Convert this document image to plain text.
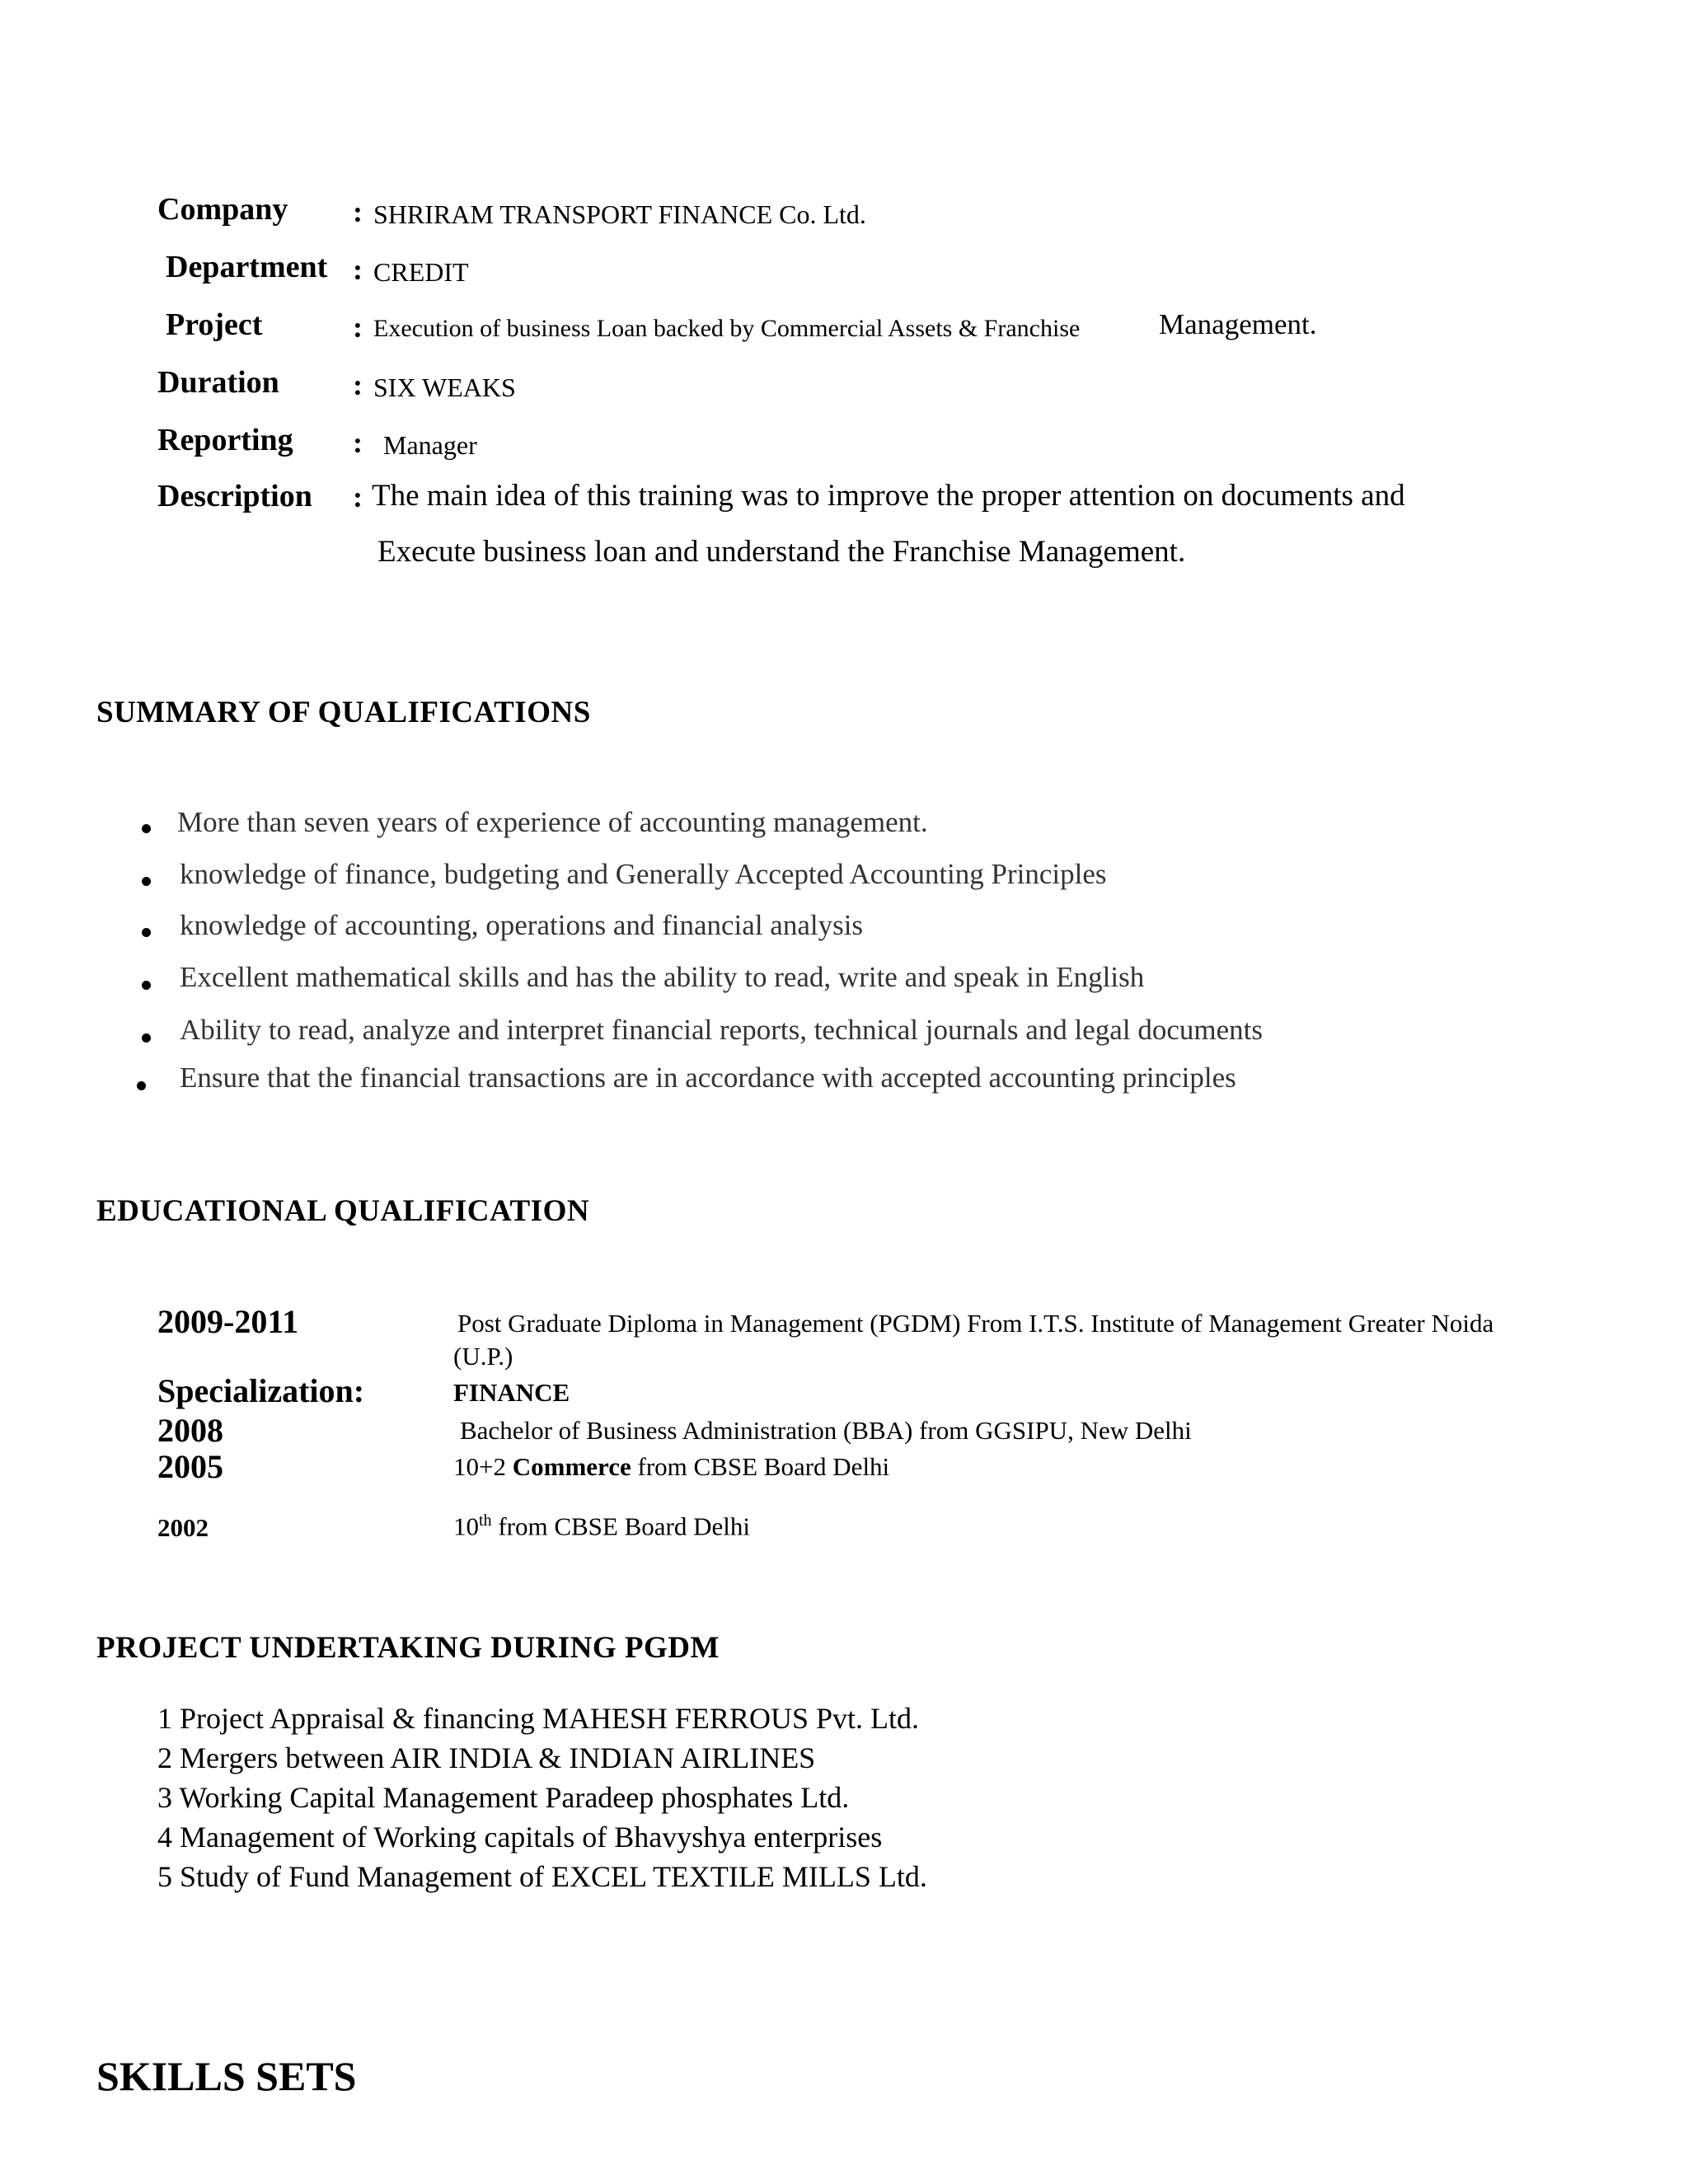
Company : SHRIRAM TRANSPORT FINANCE Co. Ltd.
Department : CREDIT
Project	: Execution of business Loan backed by Commercial Assets & Franchise	Management.
Duration : SIX WEAKS
Reporting : Manager
Description : The main idea of this training was to improve the proper attention on documents and
Execute business loan and understand the Franchise Management.
SUMMARY OF QUALIFICATIONS
More than seven years of experience of accounting management.
knowledge of finance, budgeting and Generally Accepted Accounting Principles
knowledge of accounting, operations and financial analysis
Excellent mathematical skills and has the ability to read, write and speak in English
Ability to read, analyze and interpret financial reports, technical journals and legal documents
Ensure that the financial transactions are in accordance with accepted accounting principles
EDUCATIONAL QUALIFICATION
2009-2011	Post Graduate Diploma in Management (PGDM) From I.T.S. Institute of Management Greater Noida
(U.P.)
Specialization:	FINANCE
2008	Bachelor of Business Administration (BBA) from GGSIPU, New Delhi
2005	10+2 Commerce from CBSE Board Delhi
2002	10th from CBSE Board Delhi
PROJECT UNDERTAKING DURING PGDM
1 Project Appraisal & financing MAHESH FERROUS Pvt. Ltd.
2 Mergers between AIR INDIA & INDIAN AIRLINES
3 Working Capital Management Paradeep phosphates Ltd.
4 Management of Working capitals of Bhavyshya enterprises
5 Study of Fund Management of EXCEL TEXTILE MILLS Ltd.
SKILLS SETS
